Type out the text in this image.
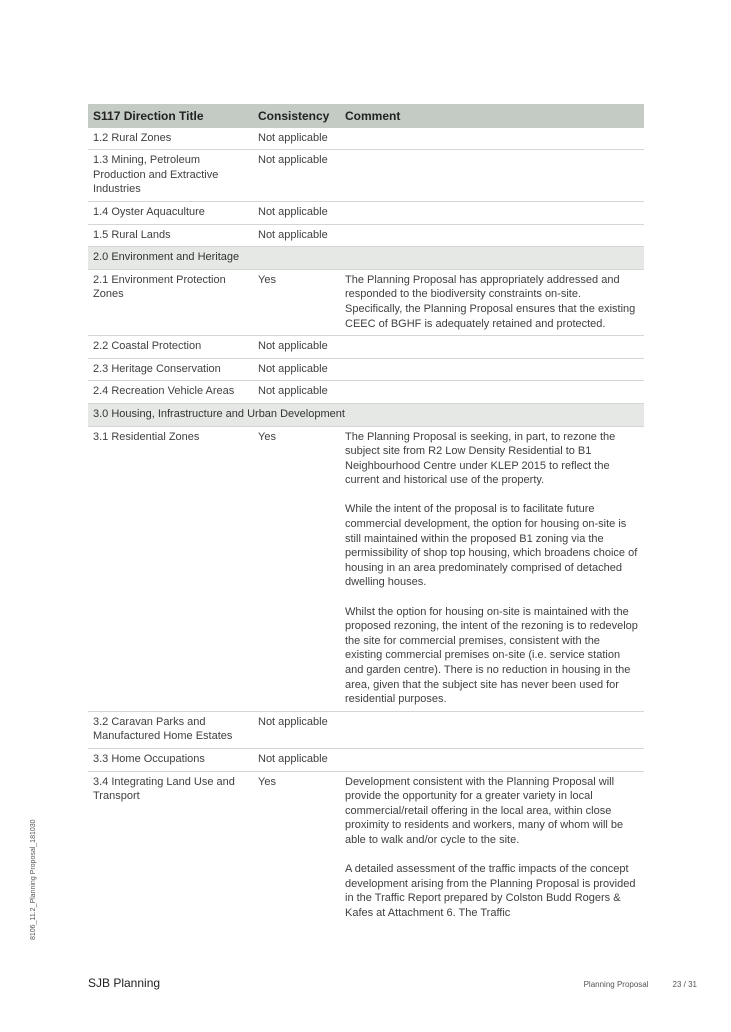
S117 Direction Title	Consistency	Comment
1.2 Rural Zones	Not applicable	
1.3 Mining, Petroleum Production and Extractive Industries	Not applicable	
1.4 Oyster Aquaculture	Not applicable	
1.5 Rural Lands	Not applicable	
2.0 Environment and Heritage		
2.1 Environment Protection Zones	Yes	The Planning Proposal has appropriately addressed and responded to the biodiversity constraints on-site. Specifically, the Planning Proposal ensures that the existing CEEC of BGHF is adequately retained and protected.

2.2 Coastal Protection	Not applicable	
2.3 Heritage Conservation	Not applicable	
2.4 Recreation Vehicle Areas	Not applicable	
3.0 Housing, Infrastructure and Urban Development		
3.1 Residential Zones	Yes	The Planning Proposal is seeking, in part, to rezone the subject site from R2 Low Density Residential to B1 Neighbourhood Centre under KLEP 2015 to reflect the current and historical use of the property.

While the intent of the proposal is to facilitate future commercial development, the option for housing on-site is still maintained within the proposed B1 zoning via the permissibility of shop top housing, which broadens choice of housing in an area predominately comprised of detached dwelling houses.

Whilst the option for housing on-site is maintained with the proposed rezoning, the intent of the rezoning is to redevelop the site for commercial premises, consistent with the existing commercial premises on-site (i.e. service station and garden centre). There is no reduction in housing in the area, given that the subject site has never been used for residential purposes.

3.2 Caravan Parks and Manufactured Home Estates	Not applicable	
3.3 Home Occupations	Not applicable	
3.4 Integrating Land Use and Transport	Yes	Development consistent with the Planning Proposal will provide the opportunity for a greater variety in local commercial/retail offering in the local area, within close proximity to residents and workers, many of whom will be able to walk and/or cycle to the site.

A detailed assessment of the traffic impacts of the concept development arising from the Planning Proposal is provided in the Traffic Report prepared by Colston Budd Rogers & Kafes at Attachment 6. The Traffic

8106_11.2_Planning Proposal_181030
SJB Planning	Planning Proposal	23 / 31
